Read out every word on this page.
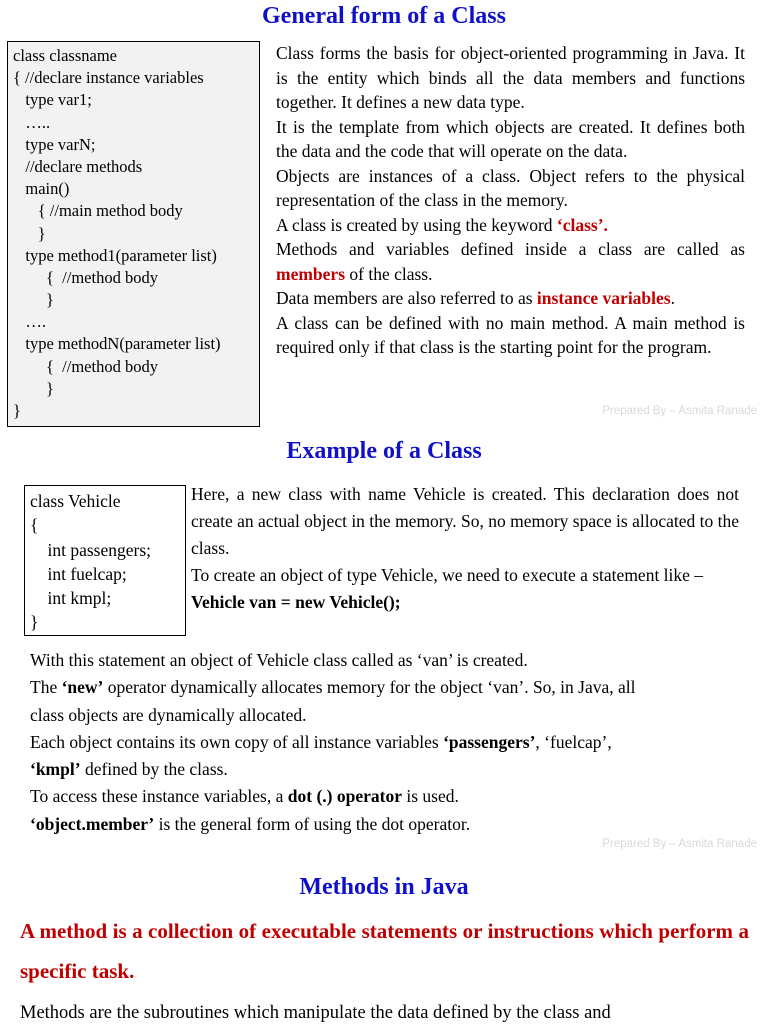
General form of a Class
class classname
{ //declare instance variables
type var1;
…..
type varN;
//declare methods
main()
{ //main method body
}
type method1(parameter list)
{  //method body
}
….
type methodN(parameter list)
{  //method body
}
}

Class forms the basis for object-oriented programming in Java. It is the entity which binds all the data members and functions together. It defines a new data type.

It is the template from which objects are created. It defines both the data and the code that will operate on the data.

Objects are instances of a class. Object refers to the physical representation of the class in the memory.

A class is created by using the keyword ‘class’.

Methods and variables defined inside a class are called as members of the class.

Data members are also referred to as instance variables.

A class can be defined with no main method. A main method is required only if that class is the starting point for the program.

Prepared By – Asmita Ranade
Example of a Class
class Vehicle
{
int passengers;
int fuelcap;
int kmpl;
}

Here, a new class with name Vehicle is created. This declaration does not create an actual object in the memory. So, no memory space is allocated to the class.

To create an object of type Vehicle, we need to execute a statement like –

Vehicle van = new Vehicle();

With this statement an object of Vehicle class called as ‘van’ is created.
The ‘new’ operator dynamically allocates memory for the object ‘van’. So, in Java, all
class objects are dynamically allocated.
Each object contains its own copy of all instance variables ‘passengers’, ‘fuelcap’,
‘kmpl’ defined by the class.
To access these instance variables, a dot (.) operator is used.
‘object.member’ is the general form of using the dot operator.
Prepared By – Asmita Ranade
Methods in Java
A method is a collection of executable statements or instructions which perform a specific task.
Methods are the subroutines which manipulate the data defined by the class and
